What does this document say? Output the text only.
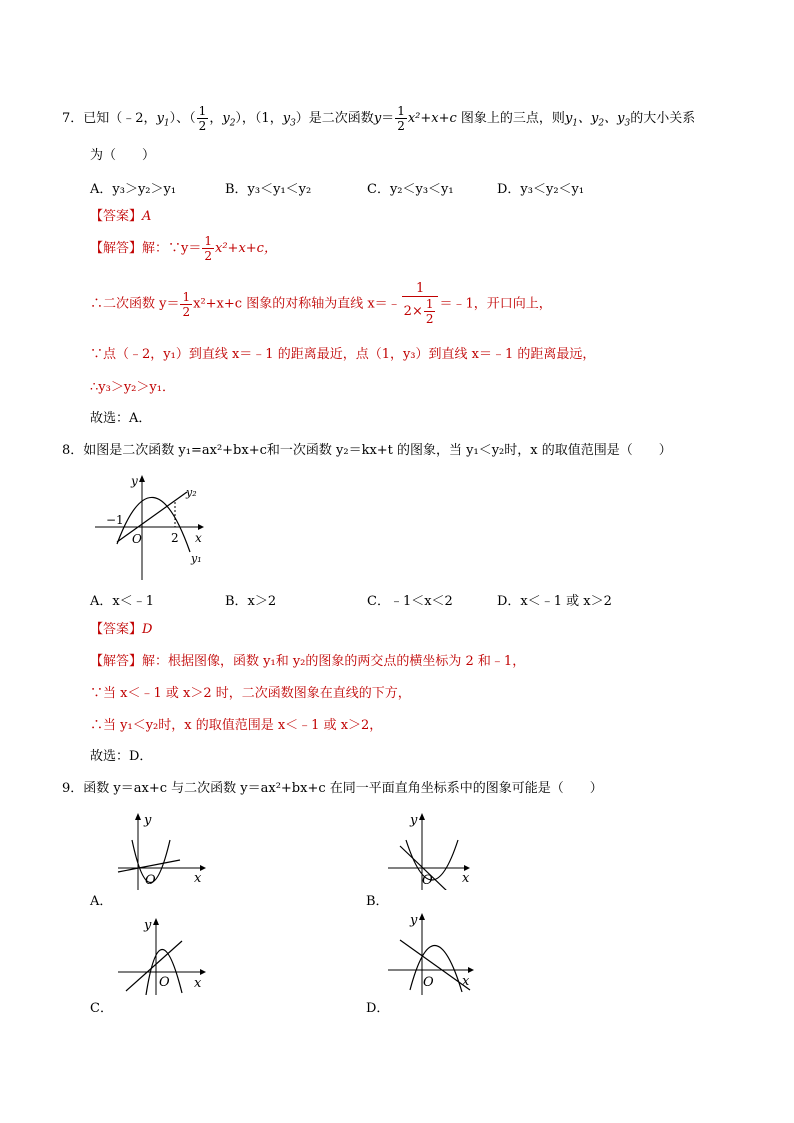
7．已知（﹣2，$y_1$）、（ $\frac{1}{2}$ ，$y_2$），（1，$y_3$）是二次函数$y= \frac{1}{2} x^2+x+c$ 图象上的三点，则$y_1$、$y_2$、$y_3$的大小关系
为（　　）
A．y₃＞y₂＞y₁	B．y₃＜y₁＜y₂	C．y₂＜y₃＜y₁	D．y₃＜y₂＜y₁
【答案】A
【解答】解：∵y＝ $\frac{1}{2} x^2+x+c$，
∴二次函数 $y= \frac{1}{2} x^2+x+c$ 图象的对称轴为直线 x＝﹣ $\frac{1}{2\times \frac{1}{2}}$ ＝﹣1，开口向上，
∵点（﹣2，y₁）到直线 x＝﹣1 的距离最近，点（1，y₃）到直线 x＝﹣1 的距离最远，
∴y₃＞y₂＞y₁．
故选：A．
8．如图是二次函数 y₁=ax²+bx+c和一次函数 y₂＝kx+t 的图象，当 y₁＜y₂时，x 的取值范围是（　　）
y
x
O
−1
2
y₂
y₁
A．x＜﹣1	B．x＞2	C．﹣1＜x＜2	D．x＜﹣1 或 x＞2
【答案】D
【解答】解：根据图像，函数 y₁和 y₂的图象的两交点的横坐标为 2 和﹣1，
∵当 x＜﹣1 或 x＞2 时，二次函数图象在直线的下方，
∴当 y₁＜y₂时，x 的取值范围是 x＜﹣1 或 x＞2，
故选：D．
9．函数 y＝ax+c 与二次函数 y＝ax²+bx+c 在同一平面直角坐标系中的图象可能是（　　）
y
x
O
A．
y
x
O
B．
y
x
O
C．
y
x
O
D．
